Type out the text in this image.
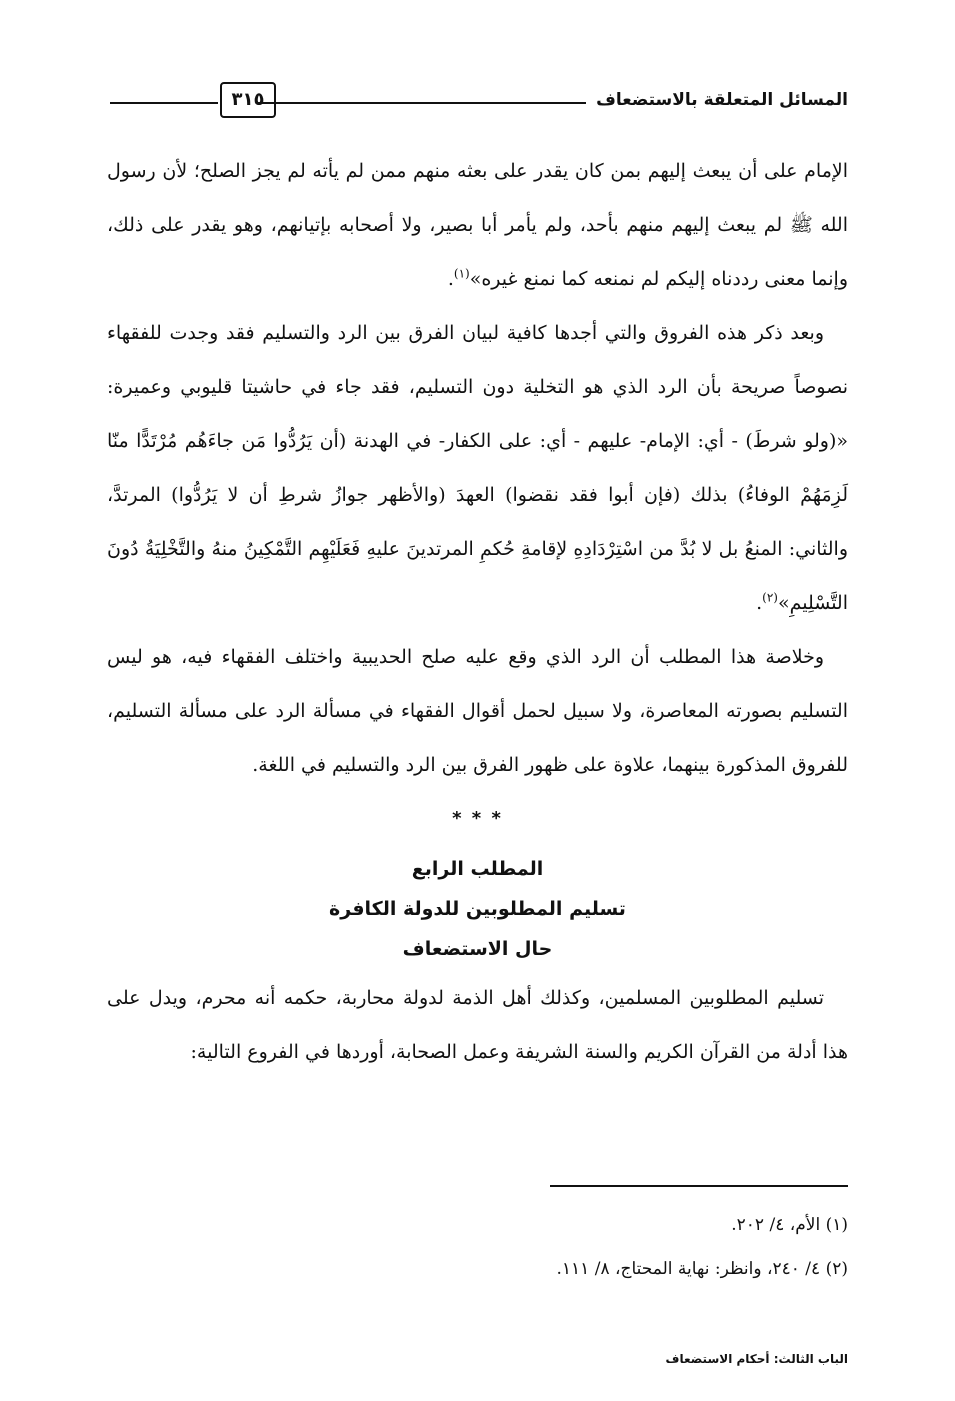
المسائل المتعلقة بالاستضعاف
٣١٥

الإمام على أن يبعث إليهم بمن كان يقدر على بعثه منهم ممن لم يأته لم يجز الصلح؛ لأن رسول الله ﷺ لم يبعث إليهم منهم بأحد، ولم يأمر أبا بصير، ولا أصحابه بإتيانهم، وهو يقدر على ذلك، وإنما معنى رددناه إليكم لم نمنعه كما نمنع غيره»$^{(١)}$.

وبعد ذكر هذه الفروق والتي أجدها كافية لبيان الفرق بين الرد والتسليم فقد وجدت للفقهاء نصوصاً صريحة بأن الرد الذي هو التخلية دون التسليم، فقد جاء في حاشيتا قليوبي وعميرة: «(ولو شرطَ) - أي: الإمام- عليهم - أي: على الكفار- في الهدنة (أن يَرُدُّوا مَن جاءَهُم مُرْتَدًّا منّا لَزِمَهُمْ الوفاءُ) بذلك (فإن أبوا فقد نقضوا) العهدَ (والأظهر جوازُ شرطِ أن لا يَرُدُّوا) المرتدَّ، والثاني: المنعُ بل لا بُدَّ من اسْتِرْدَادِهِ لإقامةِ حُكمِ المرتدينَ عليهِ فَعَلَيْهِم التَّمْكِينُ منهُ والتَّخْلِيَةُ دُونَ التَّسْلِيمِ»$^{(٢)}$.

وخلاصة هذا المطلب أن الرد الذي وقع عليه صلح الحديبية واختلف الفقهاء فيه، هو ليس التسليم بصورته المعاصرة، ولا سبيل لحمل أقوال الفقهاء في مسألة الرد على مسألة التسليم، للفروق المذكورة بينهما، علاوة على ظهور الفرق بين الرد والتسليم في اللغة.

* * *

المطلب الرابع

تسليم المطلوبين للدولة الكافرة

حال الاستضعاف

تسليم المطلوبين المسلمين، وكذلك أهل الذمة لدولة محاربة، حكمه أنه محرم، ويدل على هذا أدلة من القرآن الكريم والسنة الشريفة وعمل الصحابة، أوردها في الفروع التالية:

(١) الأم، ٤/ ٢٠٢.

(٢) ٤/ ٢٤٠، وانظر: نهاية المحتاج، ٨/ ١١١.

الباب الثالث: أحكام الاستضعاف
